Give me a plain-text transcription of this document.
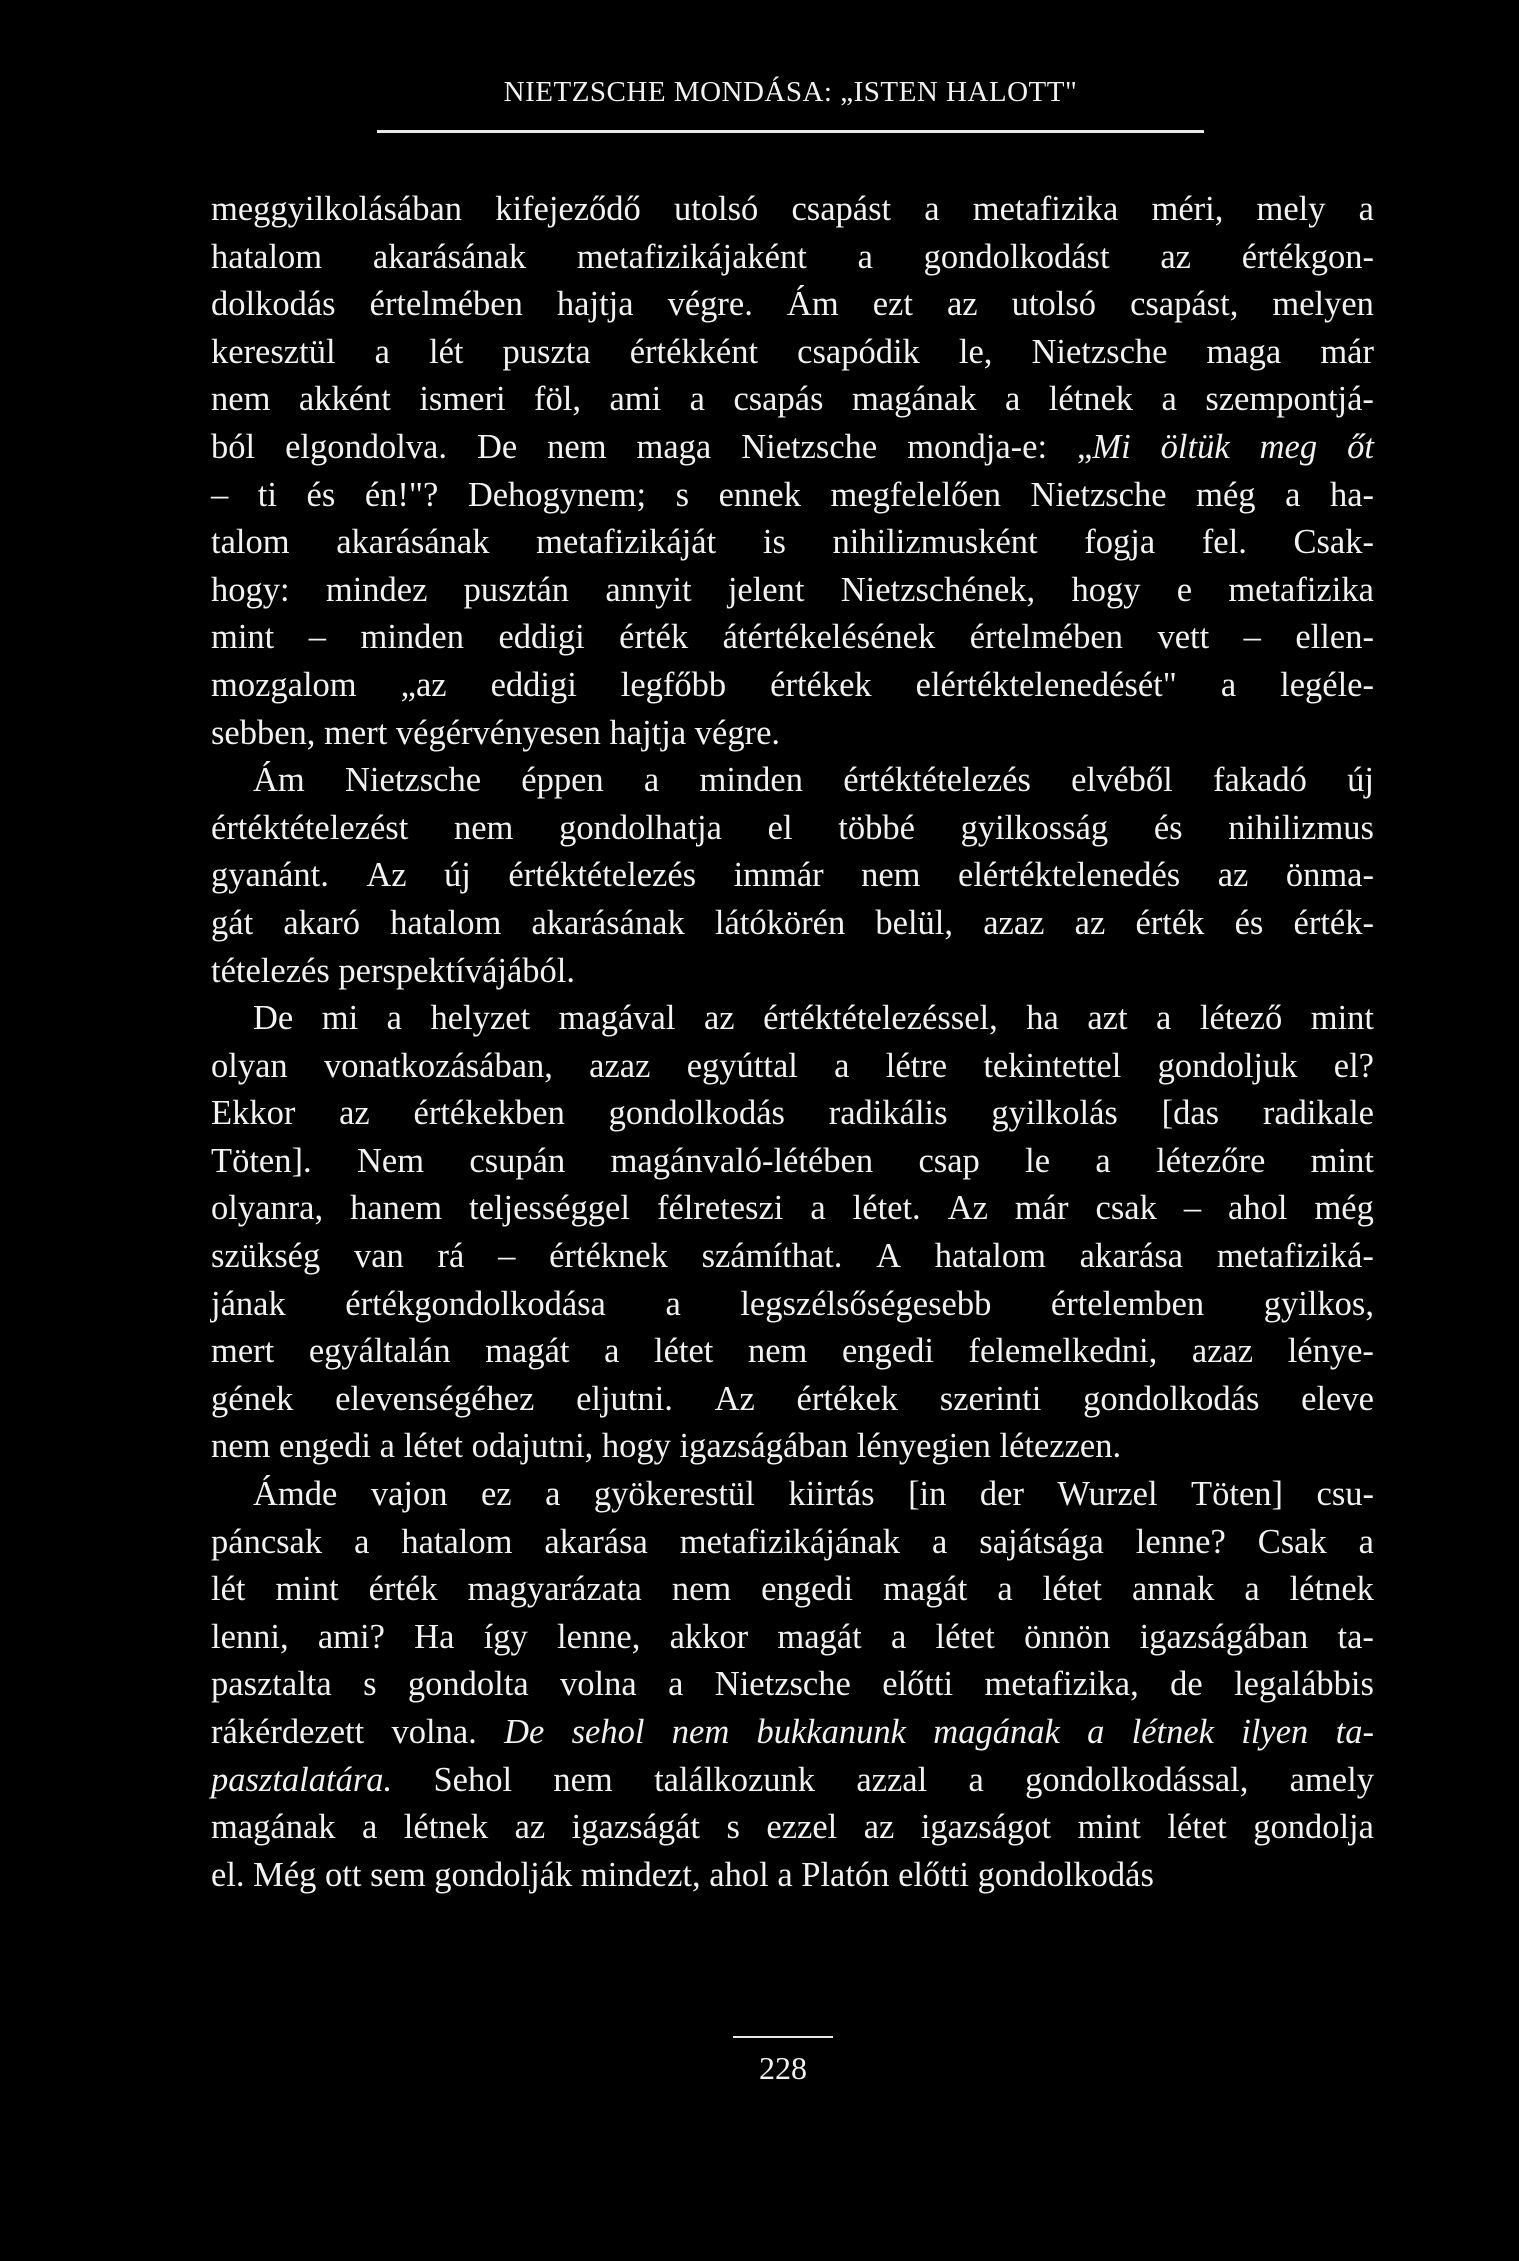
NIETZSCHE MONDÁSA: „ISTEN HALOTT"
meggyilkolásában kifejeződő utolsó csapást a metafizika méri, mely a
hatalom akarásának metafizikájaként a gondolkodást az értékgon-
dolkodás értelmében hajtja végre. Ám ezt az utolsó csapást, melyen
keresztül a lét puszta értékként csapódik le, Nietzsche maga már
nem akként ismeri föl, ami a csapás magának a létnek a szempontjá-
ból elgondolva. De nem maga Nietzsche mondja-e: „Mi öltük meg őt
– ti és én!"? Dehogynem; s ennek megfelelően Nietzsche még a ha-
talom akarásának metafizikáját is nihilizmusként fogja fel. Csak-
hogy: mindez pusztán annyit jelent Nietzschének, hogy e metafizika
mint – minden eddigi érték átértékelésének értelmében vett – ellen-
mozgalom „az eddigi legfőbb értékek elértéktelenedését" a legéle-
sebben,
mert
végérvényesen
hajtja
végre.
Ám Nietzsche éppen a minden értéktételezés elvéből fakadó új
értéktételezést nem gondolhatja el többé gyilkosság és nihilizmus
gyanánt. Az új értéktételezés immár nem elértéktelenedés az önma-
gát akaró hatalom akarásának látókörén belül, azaz az érték és érték-
tételezés
perspektívájából.
De mi a helyzet magával az értéktételezéssel, ha azt a létező mint
olyan vonatkozásában, azaz egyúttal a létre tekintettel gondoljuk el?
Ekkor az értékekben gondolkodás radikális gyilkolás [das radikale
Töten]. Nem csupán magánvaló-létében csap le a létezőre mint
olyanra, hanem teljességgel félreteszi a létet. Az már csak – ahol még
szükség van rá – értéknek számíthat. A hatalom akarása metafiziká-
jának értékgondolkodása a legszélsőségesebb értelemben gyilkos,
mert egyáltalán magát a létet nem engedi felemelkedni, azaz lénye-
gének elevenségéhez eljutni. Az értékek szerinti gondolkodás eleve
nem
engedi
a
létet
odajutni,
hogy
igazságában
lényegien
létezzen.
Ámde vajon ez a gyökerestül kiirtás [in der Wurzel Töten] csu-
páncsak a hatalom akarása metafizikájának a sajátsága lenne? Csak a
lét mint érték magyarázata nem engedi magát a létet annak a létnek
lenni, ami? Ha így lenne, akkor magát a létet önnön igazságában ta-
pasztalta s gondolta volna a Nietzsche előtti metafizika, de legalábbis
rákérdezett volna. De sehol nem bukkanunk magának a létnek ilyen ta-
pasztalatára. Sehol nem találkozunk azzal a gondolkodással, amely
magának a létnek az igazságát s ezzel az igazságot mint létet gondolja
el.
Még
ott
sem
gondolják
mindezt,
ahol
a
Platón
előtti
gondolkodás
228
